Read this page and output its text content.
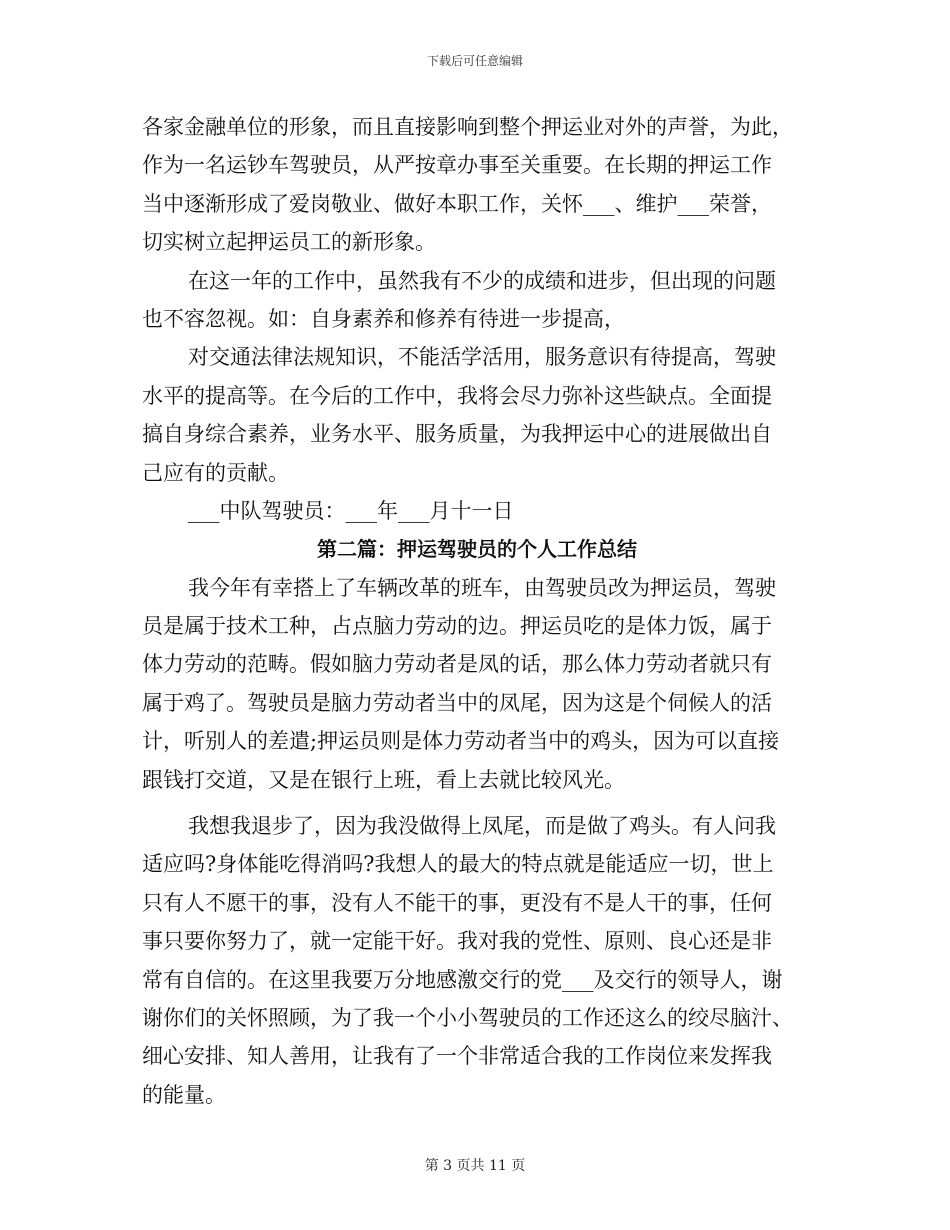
下载后可任意编辑
各家金融单位的形象，而且直接影响到整个押运业对外的声誉，为此，
作为一名运钞车驾驶员，从严按章办事至关重要。在长期的押运工作
当中逐渐形成了爱岗敬业、做好本职工作，关怀___、维护___荣誉，
切实树立起押运员工的新形象。
在这一年的工作中，虽然我有不少的成绩和进步，但出现的问题
也不容忽视。如：自身素养和修养有待进一步提高，
对交通法律法规知识，不能活学活用，服务意识有待提高，驾驶
水平的提高等。在今后的工作中，我将会尽力弥补这些缺点。全面提
搞自身综合素养，业务水平、服务质量，为我押运中心的进展做出自
己应有的贡献。
___中队驾驶员：___年___月十一日
第二篇：押运驾驶员的个人工作总结
我今年有幸搭上了车辆改革的班车，由驾驶员改为押运员，驾驶
员是属于技术工种，占点脑力劳动的边。押运员吃的是体力饭，属于
体力劳动的范畴。假如脑力劳动者是凤的话，那么体力劳动者就只有
属于鸡了。驾驶员是脑力劳动者当中的凤尾，因为这是个伺候人的活
计，听别人的差遣;押运员则是体力劳动者当中的鸡头，因为可以直接
跟钱打交道，又是在银行上班，看上去就比较风光。
我想我退步了，因为我没做得上凤尾，而是做了鸡头。有人问我
适应吗?身体能吃得消吗?我想人的最大的特点就是能适应一切，世上
只有人不愿干的事，没有人不能干的事，更没有不是人干的事，任何
事只要你努力了，就一定能干好。我对我的党性、原则、良心还是非
常有自信的。在这里我要万分地感激交行的党___及交行的领导人，谢
谢你们的关怀照顾，为了我一个小小驾驶员的工作还这么的绞尽脑汁、
细心安排、知人善用，让我有了一个非常适合我的工作岗位来发挥我
的能量。
第 3 页共 11 页
